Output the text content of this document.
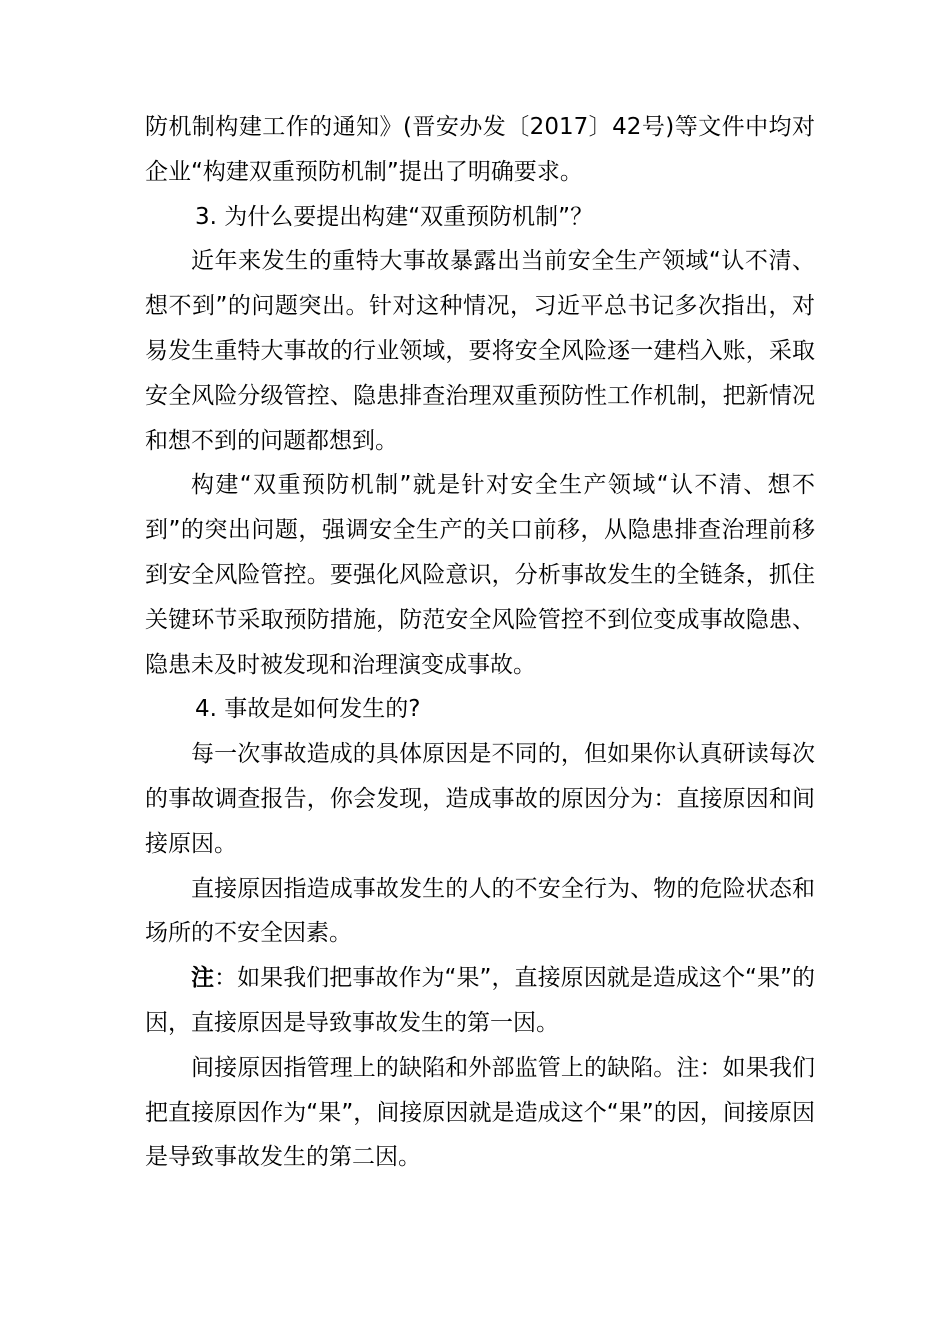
防机制构建工作的通知》(晋安办发〔2017〕42号)等文件中均对企业“构建双重预防机制”提出了明确要求。

3. 为什么要提出构建“双重预防机制”？

近年来发生的重特大事故暴露出当前安全生产领域“认不清、想不到”的问题突出。针对这种情况，习近平总书记多次指出，对易发生重特大事故的行业领域，要将安全风险逐一建档入账，采取安全风险分级管控、隐患排查治理双重预防性工作机制，把新情况和想不到的问题都想到。

构建“双重预防机制”就是针对安全生产领域“认不清、想不到”的突出问题，强调安全生产的关口前移，从隐患排查治理前移到安全风险管控。要强化风险意识，分析事故发生的全链条，抓住关键环节采取预防措施，防范安全风险管控不到位变成事故隐患、隐患未及时被发现和治理演变成事故。

4. 事故是如何发生的?

每一次事故造成的具体原因是不同的，但如果你认真研读每次的事故调查报告，你会发现，造成事故的原因分为：直接原因和间接原因。

直接原因指造成事故发生的人的不安全行为、物的危险状态和场所的不安全因素。

注：如果我们把事故作为“果”，直接原因就是造成这个“果”的因，直接原因是导致事故发生的第一因。

间接原因指管理上的缺陷和外部监管上的缺陷。注：如果我们把直接原因作为“果”，间接原因就是造成这个“果”的因，间接原因是导致事故发生的第二因。
